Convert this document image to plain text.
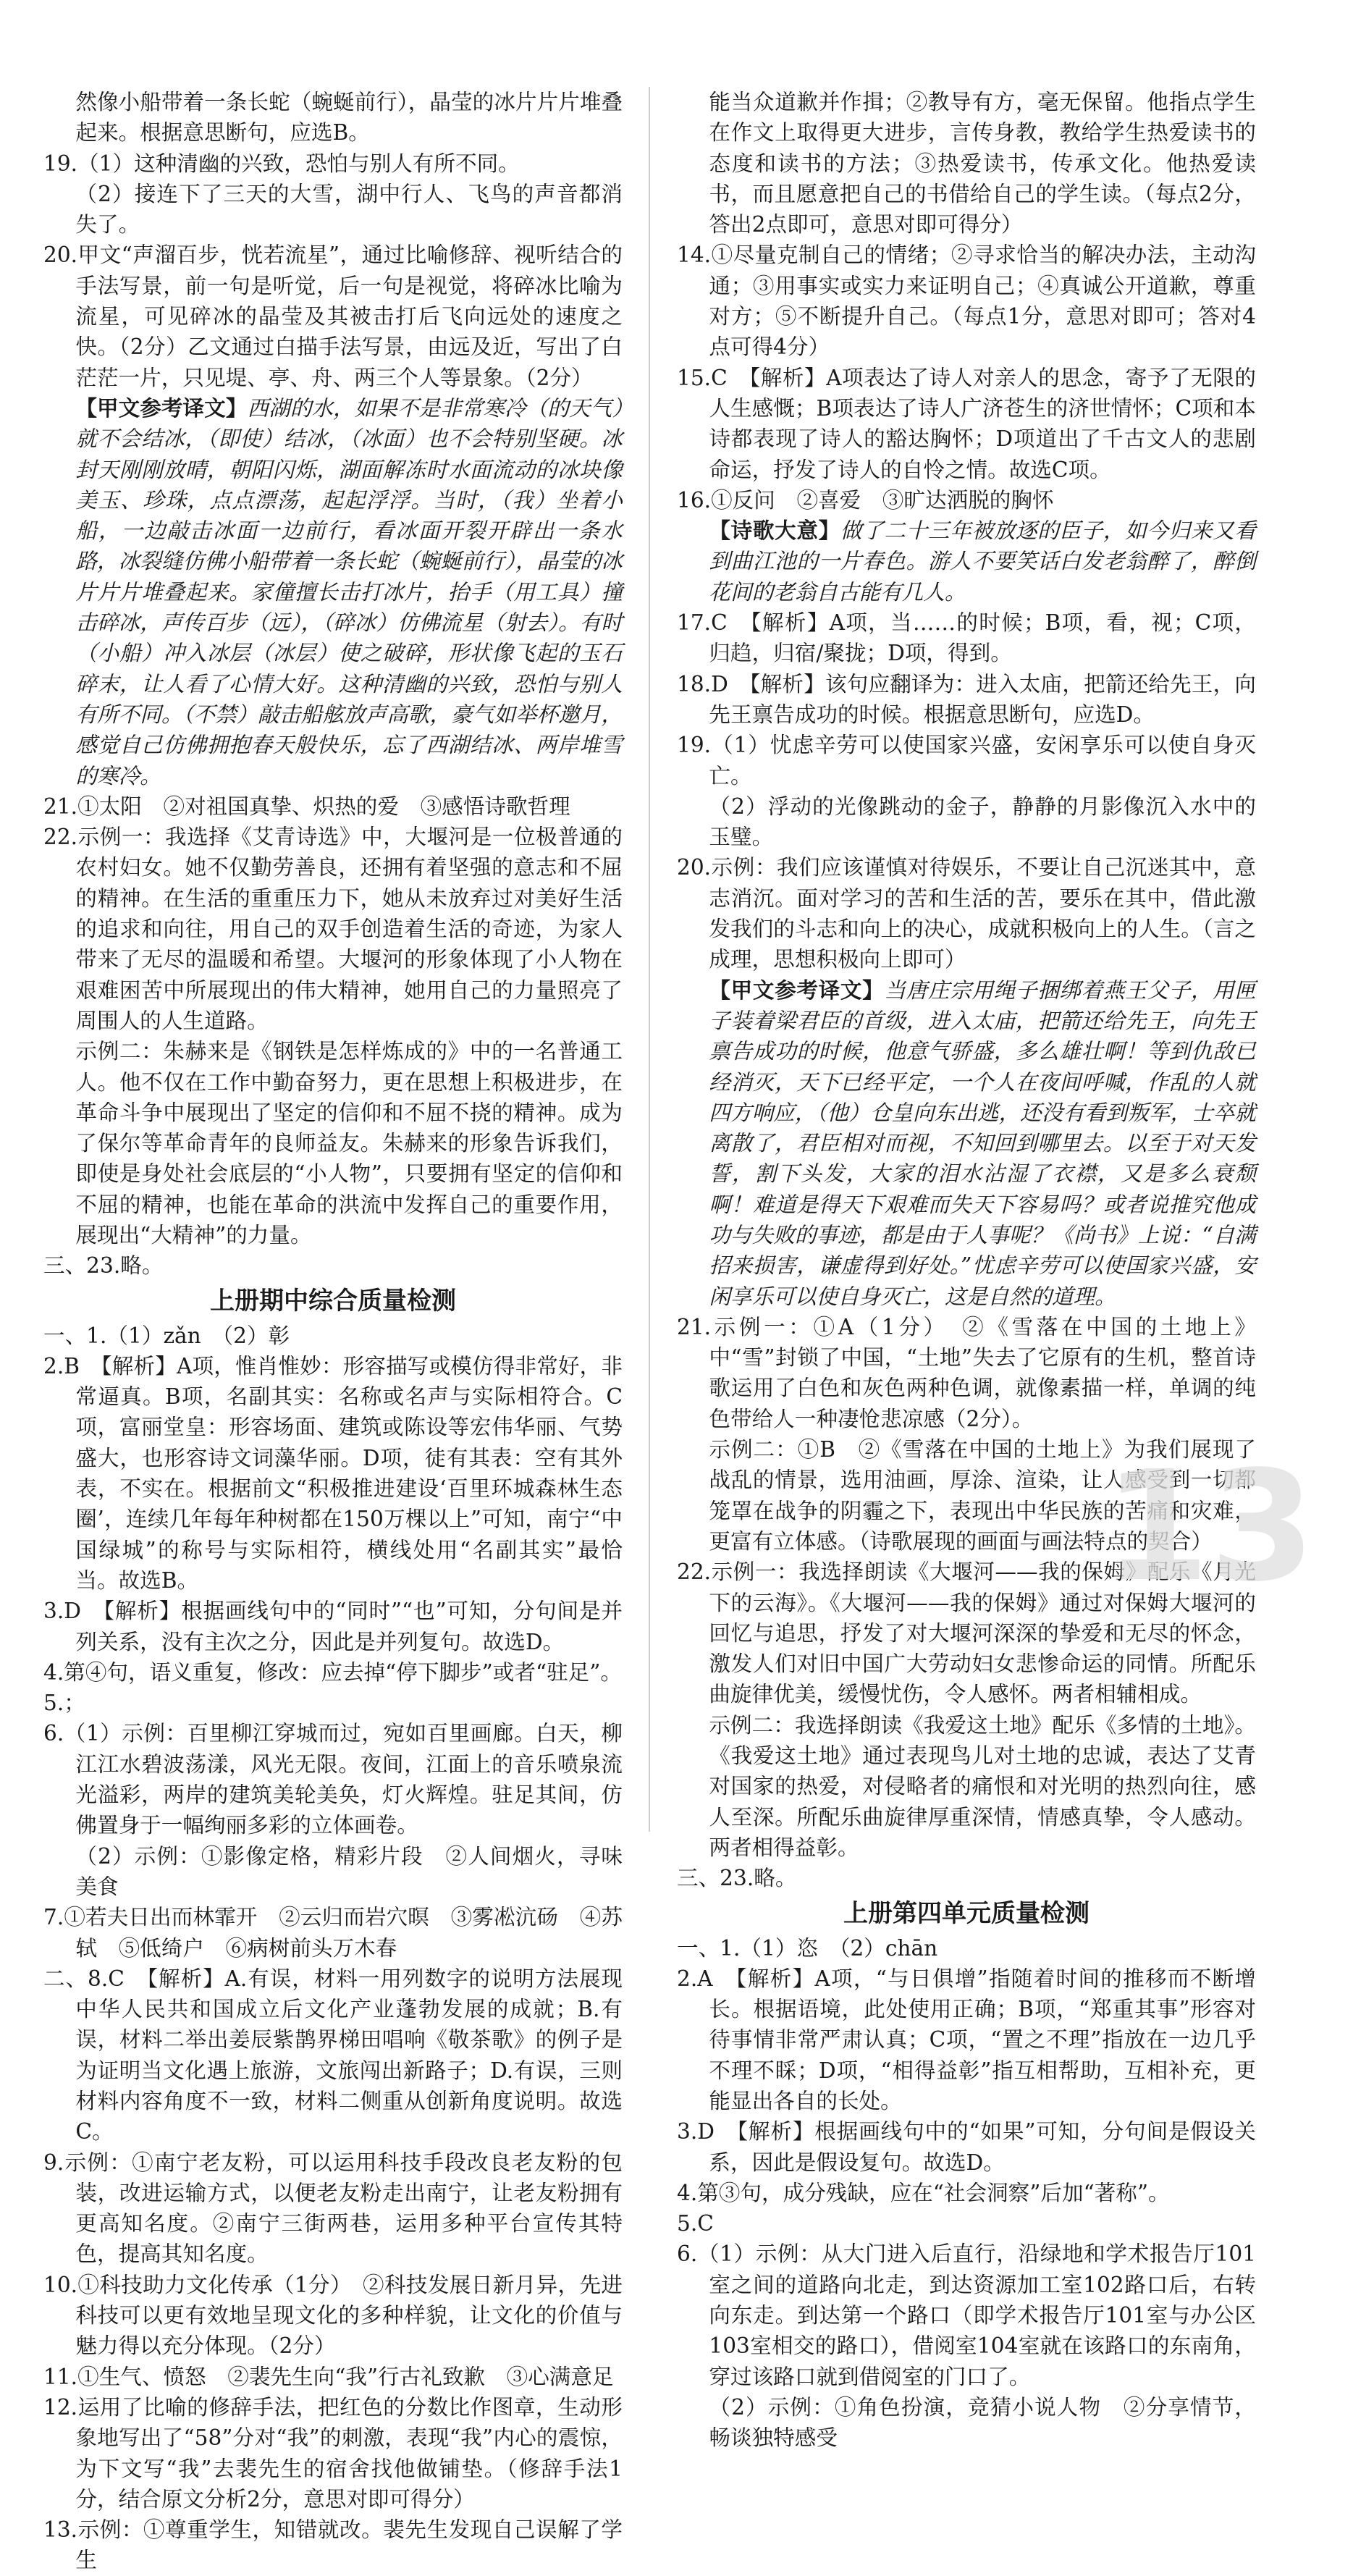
然像小船带着一条长蛇（蜿蜒前行），晶莹的冰片片片堆叠起来。根据意思断句，应选B。

19.（1）这种清幽的兴致，恐怕与别人有所不同。

（2）接连下了三天的大雪，湖中行人、飞鸟的声音都消失了。

20.甲文“声溜百步，恍若流星”，通过比喻修辞、视听结合的手法写景，前一句是听觉，后一句是视觉，将碎冰比喻为流星，可见碎冰的晶莹及其被击打后飞向远处的速度之快。（2分）乙文通过白描手法写景，由远及近，写出了白茫茫一片，只见堤、亭、舟、两三个人等景象。（2分）

【甲文参考译文】西湖的水，如果不是非常寒冷（的天气）就不会结冰，（即使）结冰，（冰面）也不会特别坚硬。冰封天刚刚放晴，朝阳闪烁，湖面解冻时水面流动的冰块像美玉、珍珠，点点漂荡，起起浮浮。当时，（我）坐着小船，一边敲击冰面一边前行，看冰面开裂开辟出一条水路，冰裂缝仿佛小船带着一条长蛇（蜿蜒前行），晶莹的冰片片片堆叠起来。家僮擅长击打冰片，抬手（用工具）撞击碎冰，声传百步（远），（碎冰）仿佛流星（射去）。有时（小船）冲入冰层（冰层）使之破碎，形状像飞起的玉石碎末，让人看了心情大好。这种清幽的兴致，恐怕与别人有所不同。（不禁）敲击船舷放声高歌，豪气如举杯邀月，感觉自己仿佛拥抱春天般快乐，忘了西湖结冰、两岸堆雪的寒冷。

21.①太阳　②对祖国真挚、炽热的爱　③感悟诗歌哲理

22.示例一：我选择《艾青诗选》中，大堰河是一位极普通的农村妇女。她不仅勤劳善良，还拥有着坚强的意志和不屈的精神。在生活的重重压力下，她从未放弃过对美好生活的追求和向往，用自己的双手创造着生活的奇迹，为家人带来了无尽的温暖和希望。大堰河的形象体现了小人物在艰难困苦中所展现出的伟大精神，她用自己的力量照亮了周围人的人生道路。

示例二：朱赫来是《钢铁是怎样炼成的》中的一名普通工人。他不仅在工作中勤奋努力，更在思想上积极进步，在革命斗争中展现出了坚定的信仰和不屈不挠的精神。成为了保尔等革命青年的良师益友。朱赫来的形象告诉我们，即使是身处社会底层的“小人物”，只要拥有坚定的信仰和不屈的精神，也能在革命的洪流中发挥自己的重要作用，展现出“大精神”的力量。

三、23.略。

上册期中综合质量检测

一、1.（1）zǎn　（2）彰

2.B　【解析】A项，惟肖惟妙：形容描写或模仿得非常好，非常逼真。B项，名副其实：名称或名声与实际相符合。C项，富丽堂皇：形容场面、建筑或陈设等宏伟华丽、气势盛大，也形容诗文词藻华丽。D项，徒有其表：空有其外表，不实在。根据前文“积极推进建设‘百里环城森林生态圈’，连续几年每年种树都在150万棵以上”可知，南宁“中国绿城”的称号与实际相符，横线处用“名副其实”最恰当。故选B。

3.D　【解析】根据画线句中的“同时”“也”可知，分句间是并列关系，没有主次之分，因此是并列复句。故选D。

4.第④句，语义重复，修改：应去掉“停下脚步”或者“驻足”。

5.；

6.（1）示例：百里柳江穿城而过，宛如百里画廊。白天，柳江江水碧波荡漾，风光无限。夜间，江面上的音乐喷泉流光溢彩，两岸的建筑美轮美奂，灯火辉煌。驻足其间，仿佛置身于一幅绚丽多彩的立体画卷。

（2）示例：①影像定格，精彩片段　②人间烟火，寻味美食

7.①若夫日出而林霏开　②云归而岩穴暝　③雾凇沆砀　④苏轼　⑤低绮户　⑥病树前头万木春

二、8.C　【解析】A.有误，材料一用列数字的说明方法展现中华人民共和国成立后文化产业蓬勃发展的成就；B.有误，材料二举出姜辰紫鹊界梯田唱响《敬茶歌》的例子是为证明当文化遇上旅游，文旅闯出新路子；D.有误，三则材料内容角度不一致，材料二侧重从创新角度说明。故选C。

9.示例：①南宁老友粉，可以运用科技手段改良老友粉的包装，改进运输方式，以便老友粉走出南宁，让老友粉拥有更高知名度。②南宁三街两巷，运用多种平台宣传其特色，提高其知名度。

10.①科技助力文化传承（1分）　②科技发展日新月异，先进科技可以更有效地呈现文化的多种样貌，让文化的价值与魅力得以充分体现。（2分）

11.①生气、愤怒　②裴先生向“我”行古礼致歉　③心满意足

12.运用了比喻的修辞手法，把红色的分数比作图章，生动形象地写出了“58”分对“我”的刺激，表现“我”内心的震惊，为下文写“我”去裴先生的宿舍找他做铺垫。（修辞手法1分，结合原文分析2分，意思对即可得分）

13.示例：①尊重学生，知错就改。裴先生发现自己误解了学生

能当众道歉并作揖；②教导有方，毫无保留。他指点学生在作文上取得更大进步，言传身教，教给学生热爱读书的态度和读书的方法；③热爱读书，传承文化。他热爱读书，而且愿意把自己的书借给自己的学生读。（每点2分，答出2点即可，意思对即可得分）

14.①尽量克制自己的情绪；②寻求恰当的解决办法，主动沟通；③用事实或实力来证明自己；④真诚公开道歉，尊重对方；⑤不断提升自己。（每点1分，意思对即可；答对4点可得4分）

15.C　【解析】A项表达了诗人对亲人的思念，寄予了无限的人生感慨；B项表达了诗人广济苍生的济世情怀；C项和本诗都表现了诗人的豁达胸怀；D项道出了千古文人的悲剧命运，抒发了诗人的自怜之情。故选C项。

16.①反问　②喜爱　③旷达洒脱的胸怀

【诗歌大意】做了二十三年被放逐的臣子，如今归来又看到曲江池的一片春色。游人不要笑话白发老翁醉了，醉倒花间的老翁自古能有几人。

17.C　【解析】A项，当……的时候；B项，看，视；C项，归趋，归宿/聚拢；D项，得到。

18.D　【解析】该句应翻译为：进入太庙，把箭还给先王，向先王禀告成功的时候。根据意思断句，应选D。

19.（1）忧虑辛劳可以使国家兴盛，安闲享乐可以使自身灭亡。

（2）浮动的光像跳动的金子，静静的月影像沉入水中的玉璧。

20.示例：我们应该谨慎对待娱乐，不要让自己沉迷其中，意志消沉。面对学习的苦和生活的苦，要乐在其中，借此激发我们的斗志和向上的决心，成就积极向上的人生。（言之成理，思想积极向上即可）

【甲文参考译文】当唐庄宗用绳子捆绑着燕王父子，用匣子装着梁君臣的首级，进入太庙，把箭还给先王，向先王禀告成功的时候，他意气骄盛，多么雄壮啊！等到仇敌已经消灭，天下已经平定，一个人在夜间呼喊，作乱的人就四方响应，（他）仓皇向东出逃，还没有看到叛军，士卒就离散了，君臣相对而视，不知回到哪里去。以至于对天发誓，割下头发，大家的泪水沾湿了衣襟，又是多么衰颓啊！难道是得天下艰难而失天下容易吗？或者说推究他成功与失败的事迹，都是由于人事呢？《尚书》上说：“自满招来损害，谦虚得到好处。”忧虑辛劳可以使国家兴盛，安闲享乐可以使自身灭亡，这是自然的道理。

21.示例一：①A（1分）　②《雪落在中国的土地上》中“雪”封锁了中国，“土地”失去了它原有的生机，整首诗歌运用了白色和灰色两种色调，就像素描一样，单调的纯色带给人一种凄怆悲凉感（2分）。

示例二：①B　②《雪落在中国的土地上》为我们展现了战乱的情景，选用油画，厚涂、渲染，让人感受到一切都笼罩在战争的阴霾之下，表现出中华民族的苦痛和灾难，更富有立体感。（诗歌展现的画面与画法特点的契合）

22.示例一：我选择朗读《大堰河——我的保姆》配乐《月光下的云海》。《大堰河——我的保姆》通过对保姆大堰河的回忆与追思，抒发了对大堰河深深的挚爱和无尽的怀念，激发人们对旧中国广大劳动妇女悲惨命运的同情。所配乐曲旋律优美，缓慢忧伤，令人感怀。两者相辅相成。

示例二：我选择朗读《我爱这土地》配乐《多情的土地》。《我爱这土地》通过表现鸟儿对土地的忠诚，表达了艾青对国家的热爱，对侵略者的痛恨和对光明的热烈向往，感人至深。所配乐曲旋律厚重深情，情感真挚，令人感动。两者相得益彰。

三、23.略。

上册第四单元质量检测

一、1.（1）恣　（2）chān

2.A　【解析】A项，“与日俱增”指随着时间的推移而不断增长。根据语境，此处使用正确；B项，“郑重其事”形容对待事情非常严肃认真；C项，“置之不理”指放在一边几乎不理不睬；D项，“相得益彰”指互相帮助，互相补充，更能显出各自的长处。

3.D　【解析】根据画线句中的“如果”可知，分句间是假设关系，因此是假设复句。故选D。

4.第③句，成分残缺，应在“社会洞察”后加“著称”。

5.C

6.（1）示例：从大门进入后直行，沿绿地和学术报告厅101室之间的道路向北走，到达资源加工室102路口后，右转向东走。到达第一个路口（即学术报告厅101室与办公区103室相交的路口），借阅室104室就在该路口的东南角，穿过该路口就到借阅室的门口了。

（2）示例：①角色扮演，竞猜小说人物　②分享情节，畅谈独特感受

13
